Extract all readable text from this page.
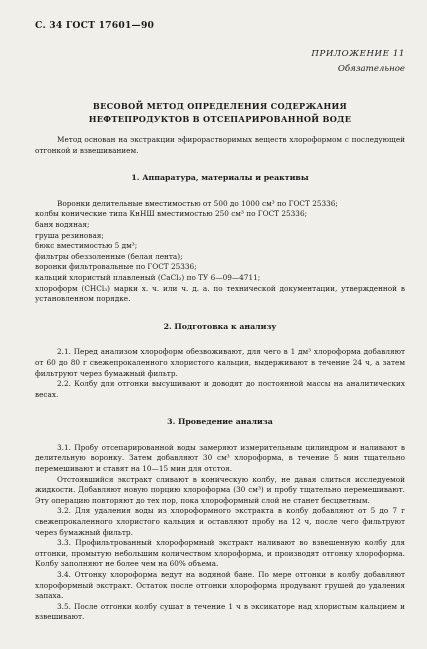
С. 34 ГОСТ 17601—90
ПРИЛОЖЕНИЕ 11
Обязательное
ВЕСОВОЙ МЕТОД ОПРЕДЕЛЕНИЯ СОДЕРЖАНИЯ
НЕФТЕПРОДУКТОВ В ОТСЕПАРИРОВАННОЙ ВОДЕ

Метод основан на экстракции эфирорастворимых веществ хлороформом с последующей отгонкой и взвешиванием.

1. Аппаратура, материалы и реактивы

Воронки делительные вместимостью от 500 до 1000 см³ по ГОСТ 25336;

колбы конические типа КнНШ вместимостью 250 см³ по ГОСТ 25336;

баня водяная;

груша резиновая;

бюкс вместимостью 5 дм³;

фильтры обеззоленные (белая лента);

воронки фильтровальные по ГОСТ 25336;

кальций хлористый плавленый (CaCl₂) по ТУ 6—09—4711;

хлороформ (CHCl₃) марки х. ч. или ч. д. а. по технической документации, утвержденной в установленном порядке.

2. Подготовка к анализу

2.1. Перед анализом хлороформ обезвоживают, для чего в 1 дм³ хлороформа добавляют от 60 до 80 г свежепрокаленного хлористого кальция, выдерживают в течение 24 ч, а затем фильтруют через бумажный фильтр.

2.2. Колбу для отгонки высушивают и доводят до постоянной массы на аналитических весах.

3. Проведение анализа

3.1. Пробу отсепарированной воды замеряют измерительным цилиндром и наливают в делительную воронку. Затем добавляют 30 см³ хлороформа, в течение 5 мин тщательно перемешивают и ставят на 10—15 мин для отстоя.

Отстоявшийся экстракт сливают в коническую колбу, не давая слиться исследуемой жидкости. Добавляют новую порцию хлороформа (30 см³) и пробу тщательно перемешивают. Эту операцию повторяют до тех пор, пока хлороформный слой не станет бесцветным.

3.2. Для удаления воды из хлороформного экстракта в колбу добавляют от 5 до 7 г свежепрокаленного хлористого кальция и оставляют пробу на 12 ч, после чего фильтруют через бумажный фильтр.

3.3. Профильтрованный хлороформный экстракт наливают во взвешенную колбу для отгонки, промытую небольшим количеством хлороформа, и производят отгонку хлороформа. Колбу заполняют не более чем на 60% объема.

3.4. Отгонку хлороформа ведут на водяной бане. По мере отгонки в колбу добавляют хлороформный экстракт. Остаток после отгонки хлороформа продувают грушей до удаления запаха.

3.5. После отгонки колбу сушат в течение 1 ч в эксикаторе над хлористым кальцием и взвешивают.
